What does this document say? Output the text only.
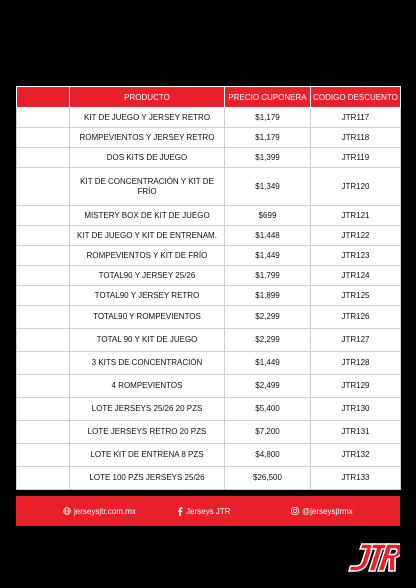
	PRODUCTO	PRECIO CUPONERA	CODIGO DESCUENTO
	KIT DE JUEGO Y JERSEY RETRO	$1,179	JTR117
	ROMPEVIENTOS Y JERSEY RETRO	$1,179	JTR118
	DOS KITS DE JUEGO	$1,399	JTR119
	KIT DE CONCENTRACIÓN Y KIT DE FRÍO	$1,349	JTR120
	MISTERY BOX DE KIT DE JUEGO	$699	JTR121
	KIT DE JUEGO Y KIT DE ENTRENAM.	$1,448	JTR122
	ROMPEVIENTOS Y KIT DE FRÍO	$1,449	JTR123
	TOTAL90 Y JERSEY 25/26	$1,799	JTR124
	TOTAL90 Y JERSEY RETRO	$1,899	JTR125
	TOTAL90 Y ROMPEVIENTOS	$2,299	JTR126
	TOTAL 90 Y KIT DE JUEGO	$2,299	JTR127
	3 KITS DE CONCENTRACIÓN	$1,449	JTR128
	4 ROMPEVIENTOS	$2,499	JTR129
	LOTE JERSEYS 25/26 20 PZS	$5,400	JTR130
	LOTE JERSEYS RETRO 20 PZS	$7,200	JTR131
	LOTE KIT DE ENTRENA 8 PZS	$4,800	JTR132
	LOTE 100 PZS JERSEYS 25/26	$26,500	JTR133
jerseysjtr.com.mx	Jerseys JTR	@jerseysjtrmx
